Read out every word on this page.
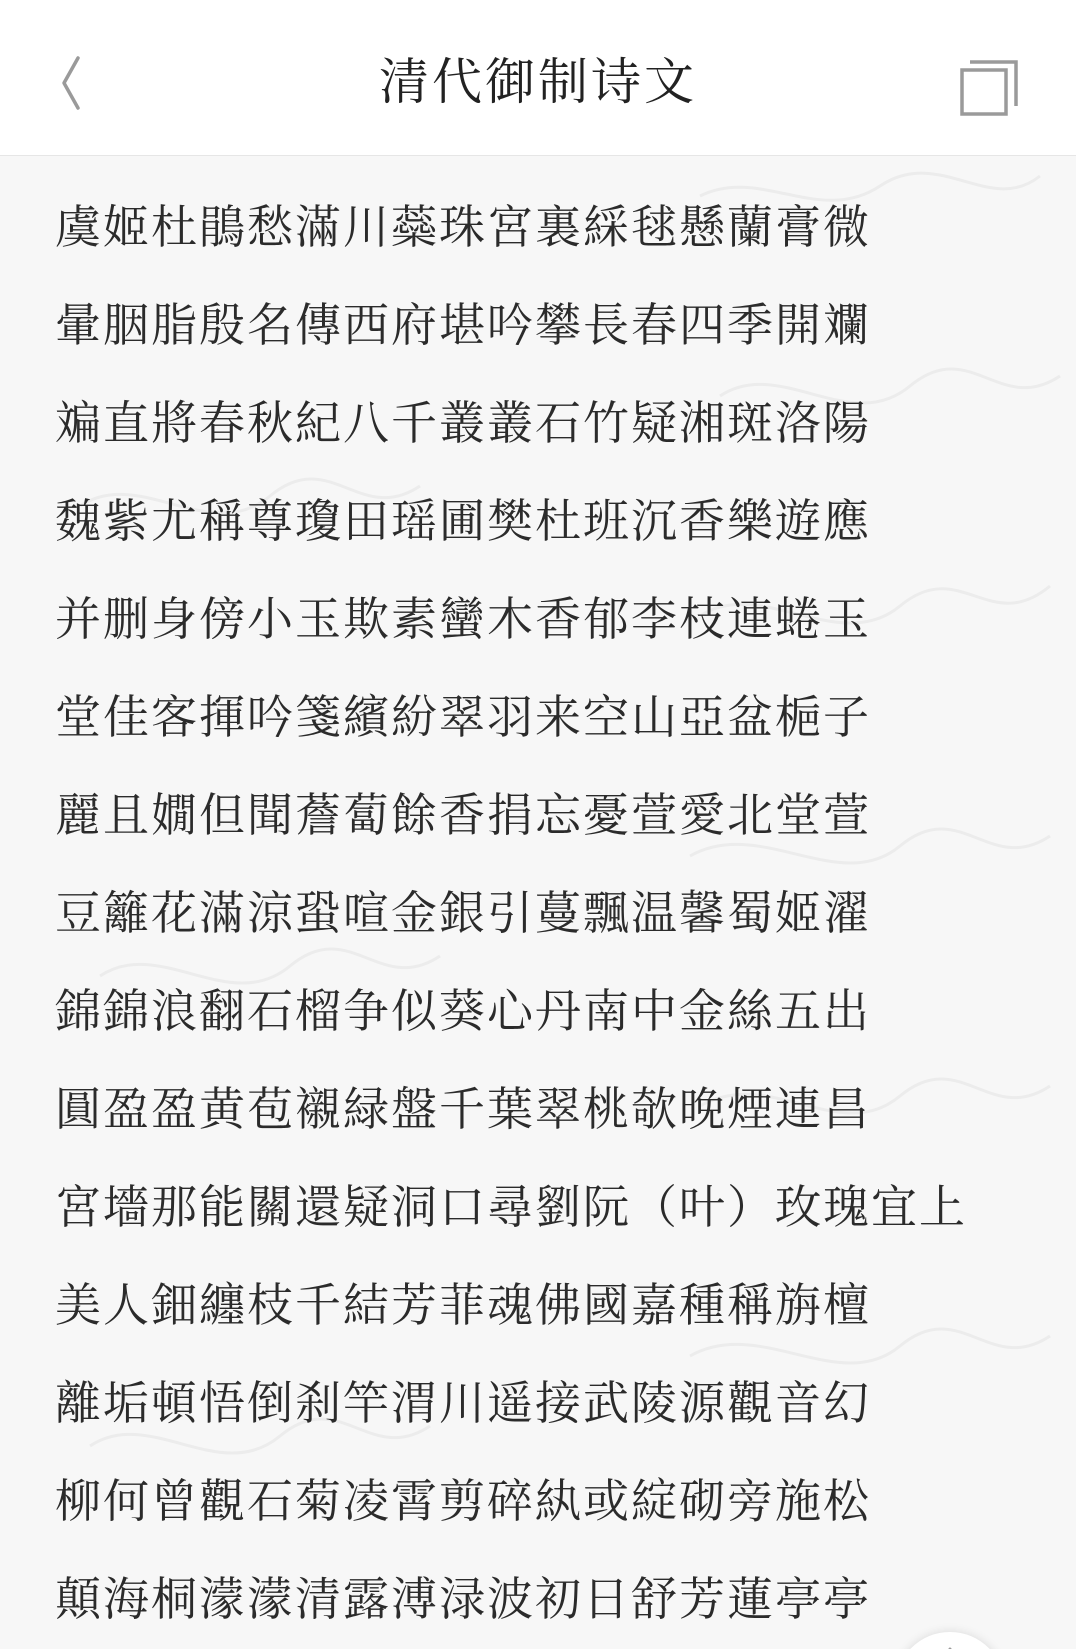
清代御制诗文
虞姬杜鵑愁滿川蘂珠宮裏綵毬懸蘭膏微
暈胭脂殷名傳西府堪吟攀長春四季開斕
斒直將春秋紀八千叢叢石竹疑湘斑洛陽
魏紫尤稱尊瓊田瑶圃樊杜班沉香樂遊應
并删身傍小玉欺素蠻木香郁李枝連蜷玉
堂佳客揮吟箋繽紛翠羽来空山亞盆梔子
麗且嫺但聞薝蔔餘香捐忘憂萱愛北堂萱
豆籬花滿涼蛩喧金銀引蔓飄温馨蜀姬濯
錦錦浪翻石榴争似葵心丹南中金絲五出
圓盈盈黄苞襯緑盤千葉翠桃欹晚煙連昌
宮墻那能關還疑洞口尋劉阮（叶）玫瑰宜上
美人鈿纏枝千結芳菲魂佛國嘉種稱旃檀
離垢頓悟倒刹竿渭川遥接武陵源觀音幻
柳何曾觀石菊凌霄剪碎紈或綻砌旁施松
顛海桐濛濛清露溥渌波初日舒芳蓮亭亭
